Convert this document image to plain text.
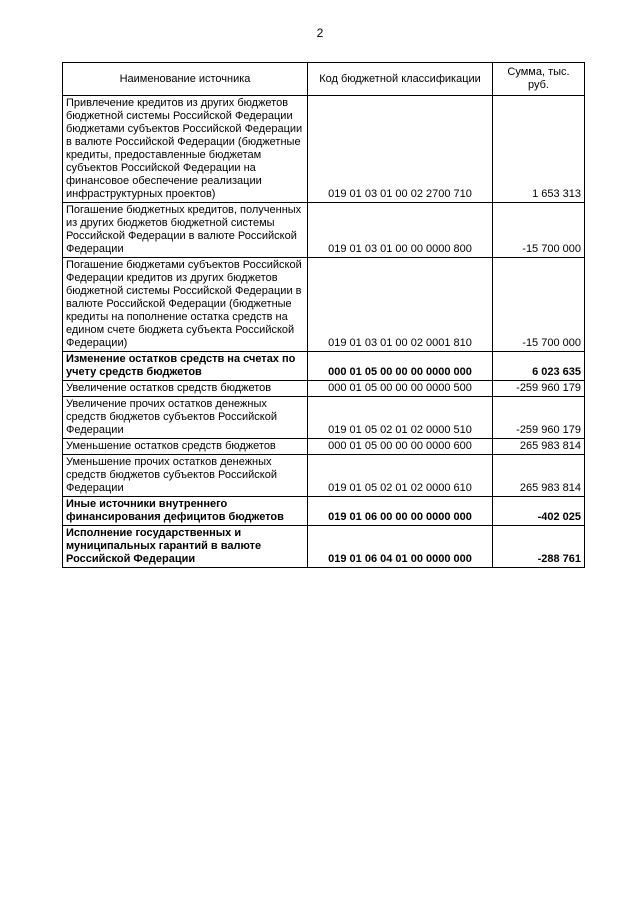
2
Наименование источника	Код бюджетной классификации	Сумма, тыс. руб.
Привлечение кредитов из других бюджетов бюджетной системы Российской Федерации бюджетами субъектов Российской Федерации в валюте Российской Федерации (бюджетные кредиты, предоставленные бюджетам субъектов Российской Федерации на финансовое обеспечение реализации инфраструктурных проектов)	019 01 03 01 00 02 2700 710	1 653 313
Погашение бюджетных кредитов, полученных из других бюджетов бюджетной системы Российской Федерации в валюте Российской Федерации	019 01 03 01 00 00 0000 800	-15 700 000
Погашение бюджетами субъектов Российской Федерации кредитов из других бюджетов бюджетной системы Российской Федерации в валюте Российской Федерации (бюджетные кредиты на пополнение остатка средств на едином счете бюджета субъекта Российской Федерации)	019 01 03 01 00 02 0001 810	-15 700 000
Изменение остатков средств на счетах по учету средств бюджетов	000 01 05 00 00 00 0000 000	6 023 635
Увеличение остатков средств бюджетов	000 01 05 00 00 00 0000 500	-259 960 179
Увеличение прочих остатков денежных средств бюджетов субъектов Российской Федерации	019 01 05 02 01 02 0000 510	-259 960 179
Уменьшение остатков средств бюджетов	000 01 05 00 00 00 0000 600	265 983 814
Уменьшение прочих остатков денежных средств бюджетов субъектов Российской Федерации	019 01 05 02 01 02 0000 610	265 983 814
Иные источники внутреннего финансирования дефицитов бюджетов	019 01 06 00 00 00 0000 000	-402 025
Исполнение государственных и муниципальных гарантий в валюте Российской Федерации	019 01 06 04 01 00 0000 000	-288 761
